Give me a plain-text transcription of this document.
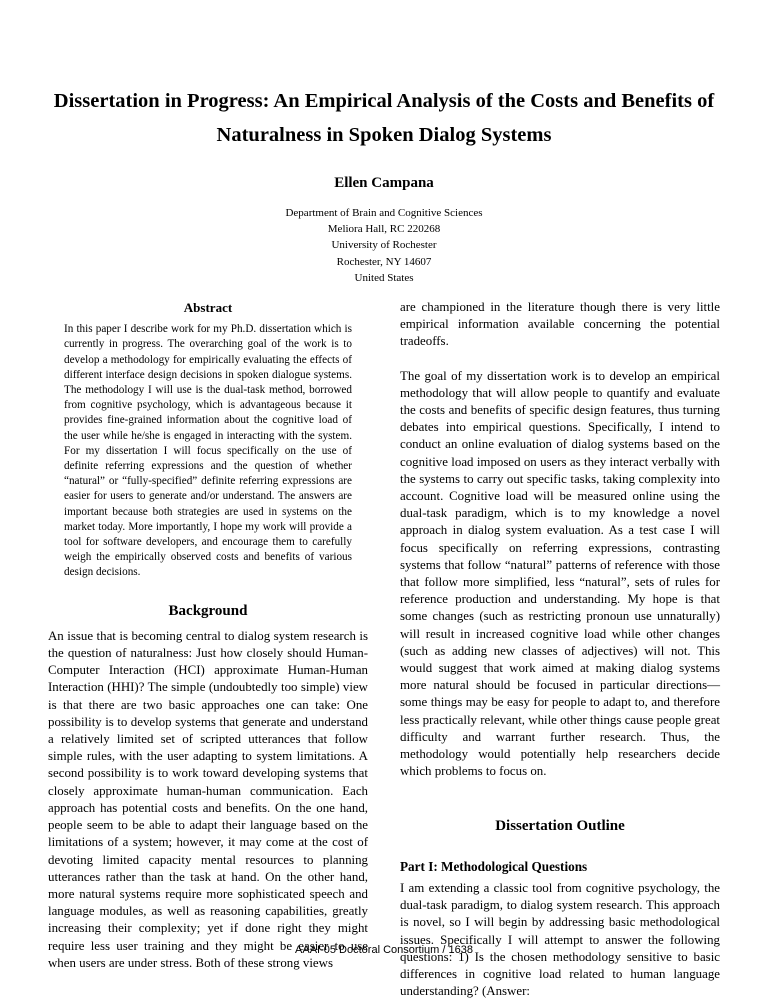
Dissertation in Progress: An Empirical Analysis of the Costs and Benefits of Naturalness in Spoken Dialog Systems
Ellen Campana
Department of Brain and Cognitive Sciences
Meliora Hall, RC 220268
University of Rochester
Rochester, NY 14607
United States
Abstract

In this paper I describe work for my Ph.D. dissertation which is currently in progress. The overarching goal of the work is to develop a methodology for empirically evaluating the effects of different interface design decisions in spoken dialogue systems. The methodology I will use is the dual-task method, borrowed from cognitive psychology, which is advantageous because it provides fine-grained information about the cognitive load of the user while he/she is engaged in interacting with the system. For my dissertation I will focus specifically on the use of definite referring expressions and the question of whether “natural” or “fully-specified” definite referring expressions are easier for users to generate and/or understand. The answers are important because both strategies are used in systems on the market today. More importantly, I hope my work will provide a tool for software developers, and encourage them to carefully weigh the empirically observed costs and benefits of various design decisions.

Background

An issue that is becoming central to dialog system research is the question of naturalness: Just how closely should Human-Computer Interaction (HCI) approximate Human-Human Interaction (HHI)? The simple (undoubtedly too simple) view is that there are two basic approaches one can take: One possibility is to develop systems that generate and understand a relatively limited set of scripted utterances that follow simple rules, with the user adapting to system limitations. A second possibility is to work toward developing systems that closely approximate human-human communication. Each approach has potential costs and benefits. On the one hand, people seem to be able to adapt their language based on the limitations of a system; however, it may come at the cost of devoting limited capacity mental resources to planning utterances rather than the task at hand. On the other hand, more natural systems require more sophisticated speech and language modules, as well as reasoning capabilities, greatly increasing their complexity; yet if done right they might require less user training and they might be easier to use when users are under stress. Both of these strong views

are championed in the literature though there is very little empirical information available concerning the potential tradeoffs.

The goal of my dissertation work is to develop an empirical methodology that will allow people to quantify and evaluate the costs and benefits of specific design features, thus turning debates into empirical questions. Specifically, I intend to conduct an online evaluation of dialog systems based on the cognitive load imposed on users as they interact verbally with the systems to carry out specific tasks, taking complexity into account. Cognitive load will be measured online using the dual-task paradigm, which is to my knowledge a novel approach in dialog system evaluation. As a test case I will focus specifically on referring expressions, contrasting systems that follow “natural” patterns of reference with those that follow more simplified, less “natural”, sets of rules for reference production and understanding. My hope is that some changes (such as restricting pronoun use unnaturally) will result in increased cognitive load while other changes (such as adding new classes of adjectives) will not. This would suggest that work aimed at making dialog systems more natural should be focused in particular directions—some things may be easy for people to adapt to, and therefore less practically relevant, while other things cause people great difficulty and warrant further research. Thus, the methodology would potentially help researchers decide which problems to focus on.

Dissertation Outline
Part I: Methodological Questions

I am extending a classic tool from cognitive psychology, the dual-task paradigm, to dialog system research. This approach is novel, so I will begin by addressing basic methodological issues. Specifically I will attempt to answer the following questions: 1) Is the chosen methodology sensitive to basic differences in cognitive load related to human language understanding? (Answer:

AAAI-05 Doctoral Consortium / 1638
